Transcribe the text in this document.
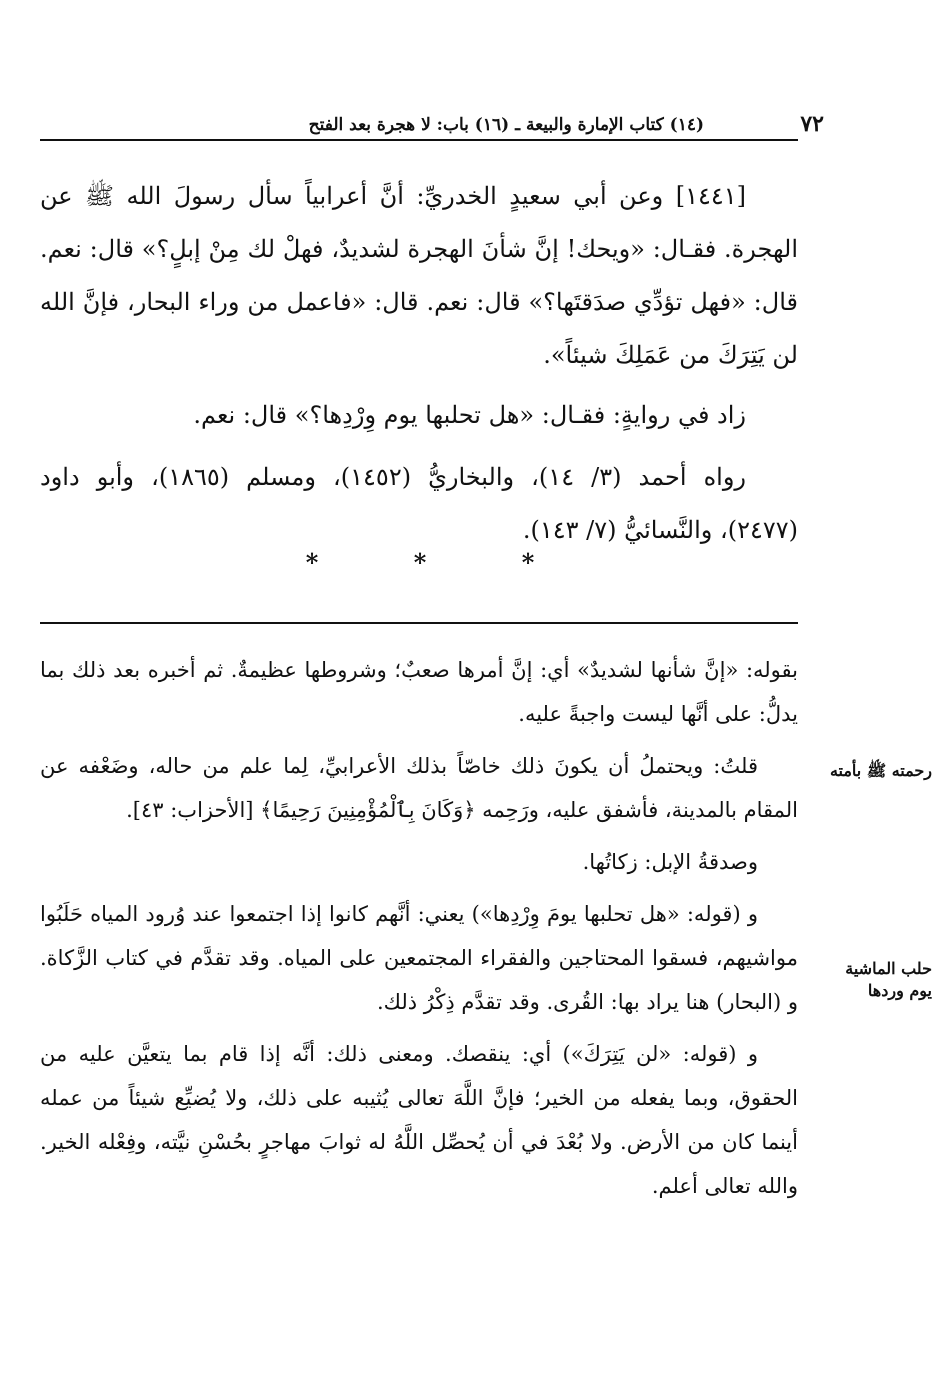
٧٢
(١٤) كتاب الإمارة والبيعة ـ (١٦) باب: لا هجرة بعد الفتح

[١٤٤١] وعن أبي سعيدٍ الخدريِّ: أنَّ أعرابياً سأل رسولَ الله ﷺ عن الهجرة. فقـال: «ويحك! إنَّ شأنَ الهجرة لشديدٌ، فهلْ لك مِنْ إبلٍ؟» قال: نعم. قال: «فهل تؤدِّي صدَقتَها؟» قال: نعم. قال: «فاعمل من وراء البحار، فإنَّ الله لن يَتِرَكَ من عَمَلِكَ شيئاً».

زاد في روايةٍ: فقـال: «هل تحلبها يوم وِرْدِها؟» قال: نعم.

رواه أحمد (٣/ ١٤)، والبخاريُّ (١٤٥٢)، ومسلم (١٨٦٥)، وأبو داود (٢٤٧٧)، والنَّسائيُّ (٧/ ١٤٣).

*	*	*

بقوله: «إنَّ شأنها لشديدٌ» أي: إنَّ أمرها صعبٌ؛ وشروطها عظيمةٌ. ثم أخبره بعد ذلك بما يدلُّ: على أنَّها ليست واجبةً عليه.

قلتُ: ويحتملُ أن يكونَ ذلك خاصّاً بذلك الأعرابيِّ، لِما علم من حاله، وضَعْفه عن المقام بالمدينة، فأشفق عليه، ورَحِمه ﴿وَكَانَ بِٱلْمُؤْمِنِينَ رَحِيمًا﴾ [الأحزاب: ٤٣].

وصدقةُ الإبل: زكاتُها.

و (قوله: «هل تحلبها يومَ وِرْدِها») يعني: أنَّهم كانوا إذا اجتمعوا عند وُرود المياه حَلَبُوا مواشيهم، فسقوا المحتاجين والفقراء المجتمعين على المياه. وقد تقدَّم في كتاب الزَّكاة. و (البحار) هنا يراد بها: القُرى. وقد تقدَّم ذِكْرُ ذلك.

و (قوله: «لن يَتِرَكَ») أي: ينقصك. ومعنى ذلك: أنَّه إذا قام بما يتعيَّن عليه من الحقوق، وبما يفعله من الخير؛ فإنَّ اللَّهَ تعالى يُثيبه على ذلك، ولا يُضيِّع شيئاً من عمله أينما كان من الأرض. ولا بُعْدَ في أن يُحصِّل اللَّهُ له ثوابَ مهاجرٍ بحُسْنِ نيَّته، وفِعْله الخير. والله تعالى أعلم.

رحمته ﷺ بأمته
حلب الماشية يوم وردها
